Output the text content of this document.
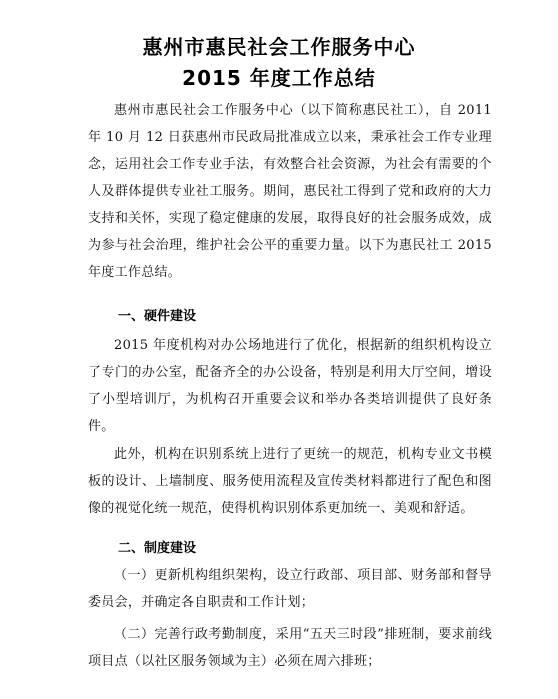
惠州市惠民社会工作服务中心
2015 年度工作总结

惠州市惠民社会工作服务中心（以下简称惠民社工），自 2011 年 10 月 12 日获惠州市民政局批准成立以来，秉承社会工作专业理念，运用社会工作专业手法，有效整合社会资源，为社会有需要的个人及群体提供专业社工服务。期间，惠民社工得到了党和政府的大力支持和关怀，实现了稳定健康的发展，取得良好的社会服务成效，成为参与社会治理，维护社会公平的重要力量。以下为惠民社工 2015 年度工作总结。

一、硬件建设

2015 年度机构对办公场地进行了优化，根据新的组织机构设立了专门的办公室，配备齐全的办公设备，特别是利用大厅空间，增设了小型培训厅，为机构召开重要会议和举办各类培训提供了良好条件。

此外，机构在识别系统上进行了更统一的规范，机构专业文书模板的设计、上墙制度、服务使用流程及宣传类材料都进行了配色和图像的视觉化统一规范，使得机构识别体系更加统一、美观和舒适。

二、制度建设

（一）更新机构组织架构，设立行政部、项目部、财务部和督导委员会，并确定各自职责和工作计划；

（二）完善行政考勤制度，采用“五天三时段”排班制，要求前线项目点（以社区服务领域为主）必须在周六排班；
